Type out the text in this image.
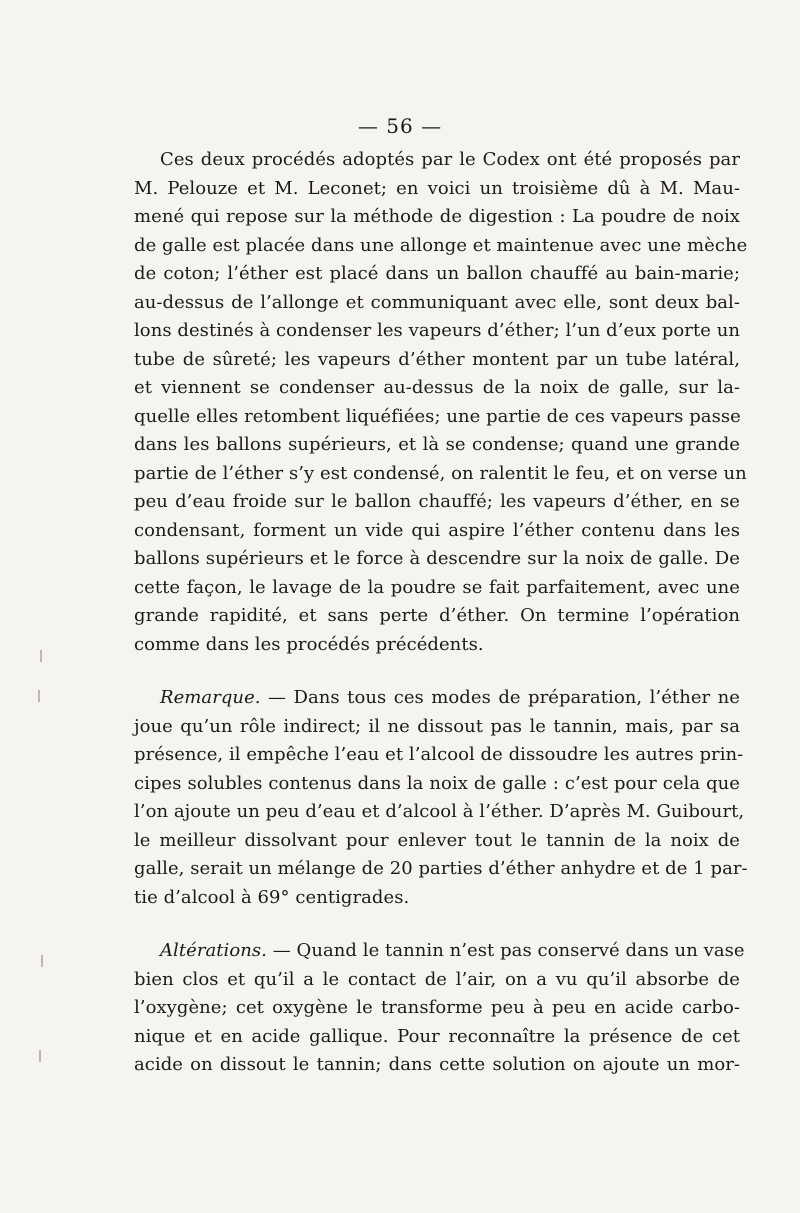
— 56 —
Ces deux procédés adoptés par le Codex ont été proposés par
M. Pelouze et M. Leconet; en voici un troisième dû à M. Mau-
mené qui repose sur la méthode de digestion : La poudre de noix
de galle est placée dans une allonge et maintenue avec une mèche
de coton; l’éther est placé dans un ballon chauffé au bain-marie;
au-dessus de l’allonge et communiquant avec elle, sont deux bal-
lons destinés à condenser les vapeurs d’éther; l’un d’eux porte un
tube de sûreté; les vapeurs d’éther montent par un tube latéral,
et viennent se condenser au-dessus de la noix de galle, sur la-
quelle elles retombent liquéfiées; une partie de ces vapeurs passe
dans les ballons supérieurs, et là se condense; quand une grande
partie de l’éther s’y est condensé, on ralentit le feu, et on verse un
peu d’eau froide sur le ballon chauffé; les vapeurs d’éther, en se
condensant, forment un vide qui aspire l’éther contenu dans les
ballons supérieurs et le force à descendre sur la noix de galle. De
cette façon, le lavage de la poudre se fait parfaitement, avec une
grande rapidité, et sans perte d’éther. On termine l’opération
comme dans les procédés précédents.
Remarque. — Dans tous ces modes de préparation, l’éther ne
joue qu’un rôle indirect; il ne dissout pas le tannin, mais, par sa
présence, il empêche l’eau et l’alcool de dissoudre les autres prin-
cipes solubles contenus dans la noix de galle : c’est pour cela que
l’on ajoute un peu d’eau et d’alcool à l’éther. D’après M. Guibourt,
le meilleur dissolvant pour enlever tout le tannin de la noix de
galle, serait un mélange de 20 parties d’éther anhydre et de 1 par-
tie d’alcool à 69° centigrades.
Altérations. — Quand le tannin n’est pas conservé dans un vase
bien clos et qu’il a le contact de l’air, on a vu qu’il absorbe de
l’oxygène; cet oxygène le transforme peu à peu en acide carbo-
nique et en acide gallique. Pour reconnaître la présence de cet
acide on dissout le tannin; dans cette solution on ajoute un mor-
